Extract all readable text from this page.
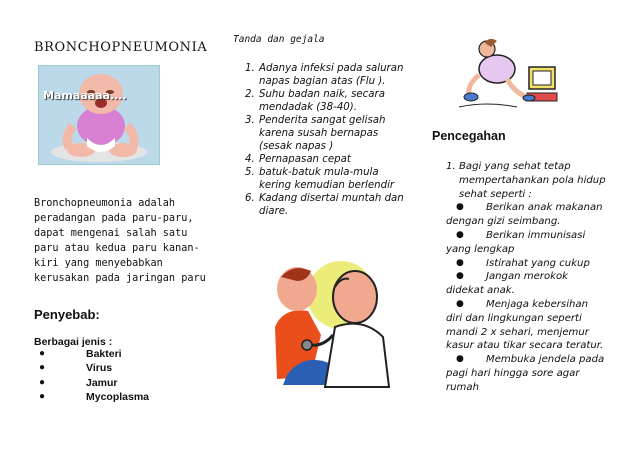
BRONCHOPNEUMONIA
Mamaaaaa....
Bronchopneumonia adalah peradangan pada paru-paru, dapat mengenai salah satu paru atau kedua paru kanan-kiri yang menyebabkan kerusakan pada jaringan paru
Penyebab:
Berbagai jenis :
●	Bakteri
●	Virus
●	Jamur
●	Mycoplasma
Tanda dan gejala
1. Adanya infeksi pada saluran napas bagian atas (Flu ).
2. Suhu badan naik, secara mendadak (38-40).
3. Penderita sangat gelisah karena susah bernapas (sesak napas )
4. Pernapasan cepat
5. batuk-batuk mula-mula kering kemudian berlendir
6. Kadang disertai muntah dan diare.
Pencegahan
1. Bagi yang sehat tetap mempertahankan pola hidup sehat seperti :
●	Berikan anak makanan dengan gizi seimbang.
●	Berikan immunisasi yang lengkap
●	Istirahat yang cukup
●	Jangan merokok didekat anak.
●	Menjaga kebersihan diri dan lingkungan seperti mandi 2 x sehari, menjemur kasur atau tikar secara teratur.
●	Membuka jendela pada pagi hari hingga sore agar rumah
